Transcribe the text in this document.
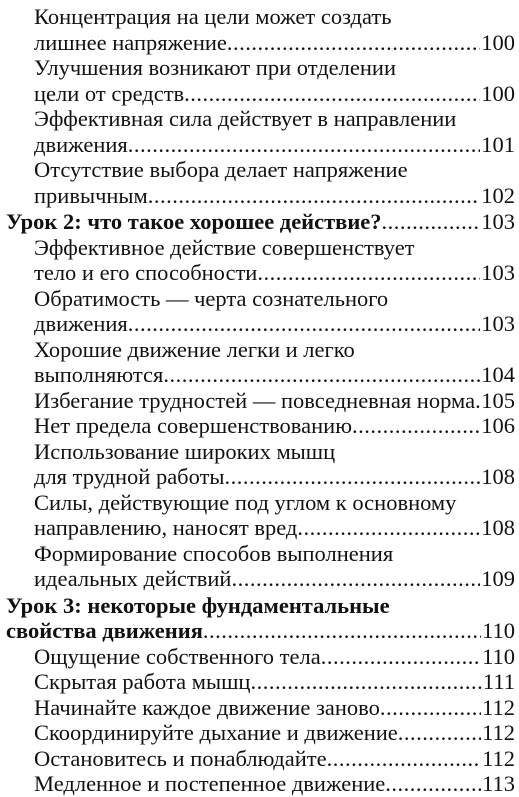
Концентрация на цели может создать
лишнее напряжение .....	100
Улучшения возникают при отделении
цели от средств .....	100
Эффективная сила действует в направлении
движения .....	101
Отсутствие выбора делает напряжение
привычным .....	102
Урок 2: что такое хорошее действие? .....	103
Эффективное действие совершенствует
тело и его способности .....	103
Обратимость — черта сознательного
движения .....	103
Хорошие движение легки и легко
выполняются .....	104
Избегание трудностей — повседневная норма ..... 105
Нет предела совершенствованию .....	106
Использование широких мышц
для трудной работы .....	108
Силы, действующие под углом к основному
направлению, наносят вред .....	108
Формирование способов выполнения
идеальных действий .....	109
Урок 3: некоторые фундаментальные
свойства движения .....	110
Ощущение собственного тела .....	110
Скрытая работа мышц .....	111
Начинайте каждое движение заново .....	112
Скоординируйте дыхание и движение .....	112
Остановитесь и понаблюдайте .....	112
Медленное и постепенное движение .....	113
